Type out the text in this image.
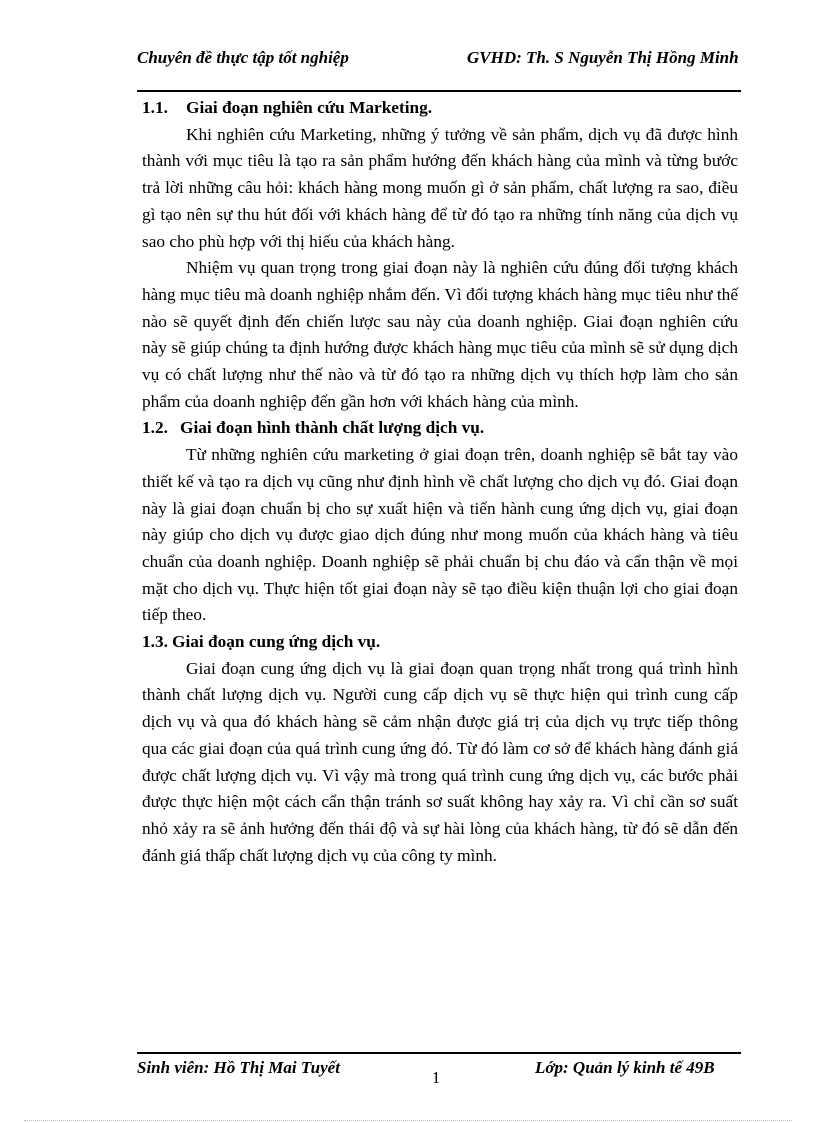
Chuyên đề thực tập tốt nghiệp	GVHD: Th. S Nguyễn Thị Hồng Minh

1.1. Giai đoạn nghiên cứu Marketing.

Khi nghiên cứu Marketing, những ý tưởng về sản phẩm, dịch vụ đã được hình thành với mục tiêu là tạo ra sản phẩm hướng đến khách hàng của mình và từng bước trả lời những câu hỏi: khách hàng mong muốn gì ở sản phẩm, chất lượng ra sao, điều gì tạo nên sự thu hút đối với khách hàng để từ đó tạo ra những tính năng của dịch vụ sao cho phù hợp với thị hiếu của khách hàng.

Nhiệm vụ quan trọng trong giai đoạn này là nghiên cứu đúng đối tượng khách hàng mục tiêu mà doanh nghiệp nhắm đến. Vì đối tượng khách hàng mục tiêu như thế nào sẽ quyết định đến chiến lược sau này của doanh nghiệp. Giai đoạn nghiên cứu này sẽ giúp chúng ta định hướng được khách hàng mục tiêu của mình sẽ sử dụng dịch vụ có chất lượng như thế nào và từ đó tạo ra những dịch vụ thích hợp làm cho sản phẩm của doanh nghiệp đến gần hơn với khách hàng của mình.

1.2. Giai đoạn hình thành chất lượng dịch vụ.

Từ những nghiên cứu marketing ở giai đoạn trên, doanh nghiệp sẽ bắt tay vào thiết kế và tạo ra dịch vụ cũng như định hình về chất lượng cho dịch vụ đó. Giai đoạn này là giai đoạn chuẩn bị cho sự xuất hiện và tiến hành cung ứng dịch vụ, giai đoạn này giúp cho dịch vụ được giao dịch đúng như mong muốn của khách hàng và tiêu chuẩn của doanh nghiệp. Doanh nghiệp sẽ phải chuẩn bị chu đáo và cẩn thận về mọi mặt cho dịch vụ. Thực hiện tốt giai đoạn này sẽ tạo điều kiện thuận lợi cho giai đoạn tiếp theo.

1.3. Giai đoạn cung ứng dịch vụ.

Giai đoạn cung ứng dịch vụ là giai đoạn quan trọng nhất trong quá trình hình thành chất lượng dịch vụ. Người cung cấp dịch vụ sẽ thực hiện qui trình cung cấp dịch vụ và qua đó khách hàng sẽ cảm nhận được giá trị của dịch vụ trực tiếp thông qua các giai đoạn của quá trình cung ứng đó. Từ đó làm cơ sở để khách hàng đánh giá được chất lượng dịch vụ. Vì vậy mà trong quá trình cung ứng dịch vụ, các bước phải được thực hiện một cách cẩn thận tránh sơ suất không hay xảy ra. Vì chỉ cần sơ suất nhỏ xảy ra sẽ ảnh hưởng đến thái độ và sự hài lòng của khách hàng, từ đó sẽ dẫn đến đánh giá thấp chất lượng dịch vụ của công ty mình.

Sinh viên: Hồ Thị Mai Tuyết
1
Lớp: Quản lý kinh tế 49B
